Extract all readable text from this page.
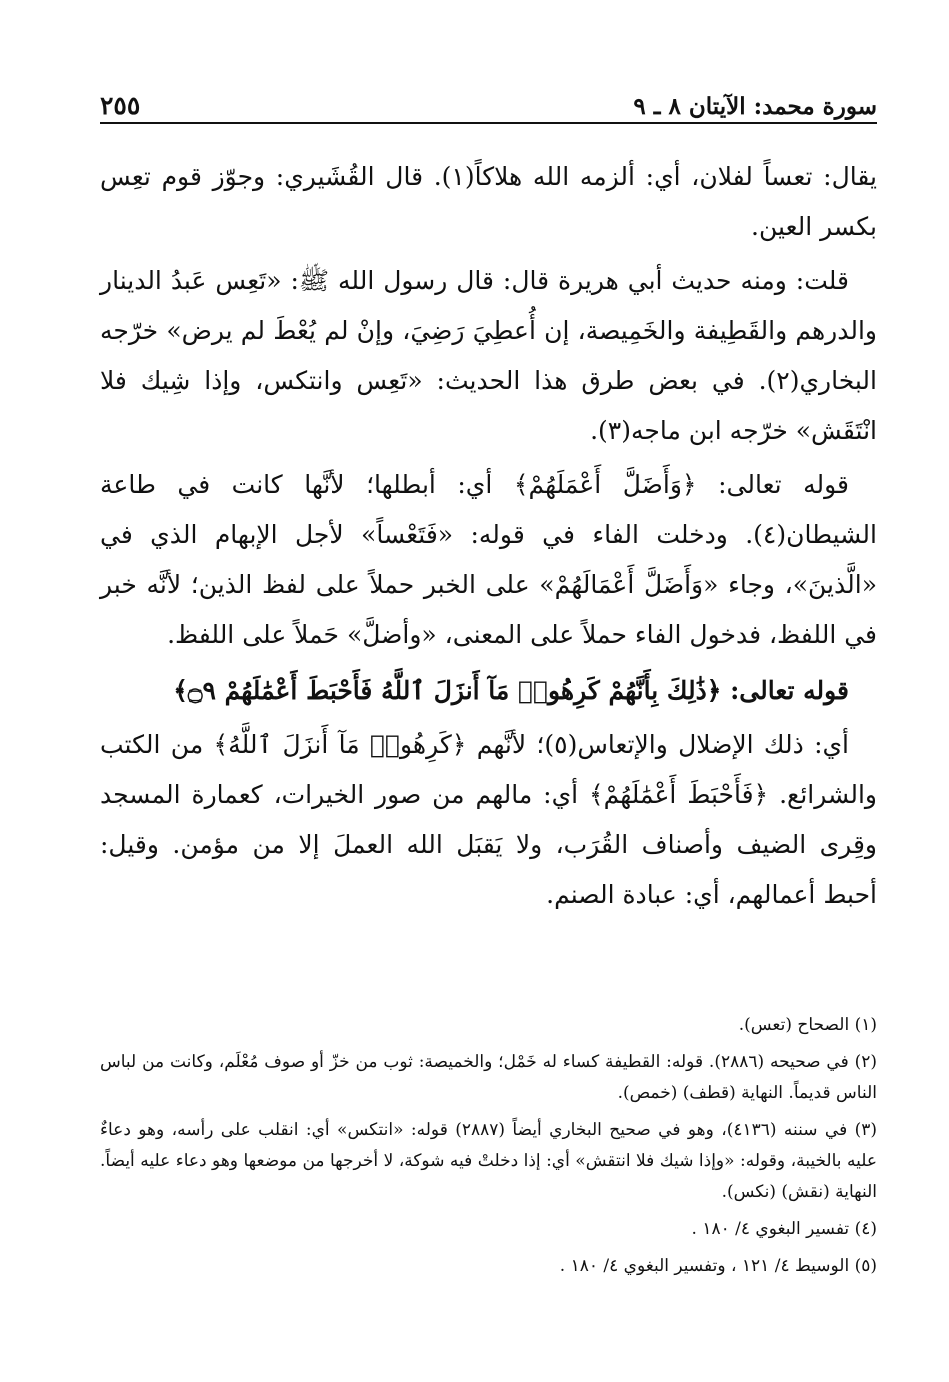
سورة محمد: الآيتان ٨ ـ ٩
٢٥٥

يقال: تعساً لفلان، أي: ألزمه الله هلاكاً(١). قال القُشَيري: وجوّز قوم تعِس بكسر العين.

قلت: ومنه حديث أبي هريرة قال: قال رسول الله ﷺ: «تَعِس عَبدُ الدينار والدرهم والقَطِيفة والخَمِيصة، إن أُعطِيَ رَضِيَ، وإنْ لم يُعْطَ لم يرض» خرّجه البخاري(٢). في بعض طرق هذا الحديث: «تَعِس وانتكس، وإذا شِيك فلا انْتَقَش» خرّجه ابن ماجه(٣).

قوله تعالى: ﴿وَأَضَلَّ أَعْمَلَهُمْ﴾ أي: أبطلها؛ لأنَّها كانت في طاعة الشيطان(٤). ودخلت الفاء في قوله: «فَتَعْساً» لأجل الإبهام الذي في «الَّذينَ»، وجاء «وَأَضَلَّ أَعْمَالَهُمْ» على الخبر حملاً على لفظ الذين؛ لأنَّه خبر في اللفظ، فدخول الفاء حملاً على المعنى، «وأضلَّ» حَملاً على اللفظ.

قوله تعالى: ﴿ذَٰلِكَ بِأَنَّهُمْ كَرِهُوا۟ مَآ أَنزَلَ ٱللَّهُ فَأَحْبَطَ أَعْمَٰلَهُمْ ۝٩﴾

أي: ذلك الإضلال والإتعاس(٥)؛ لأنَّهم ﴿كَرِهُوا۟ مَآ أَنزَلَ ٱللَّهُ﴾ من الكتب والشرائع. ﴿فَأَحْبَطَ أَعْمَٰلَهُمْ﴾ أي: مالهم من صور الخيرات، كعمارة المسجد وقِرى الضيف وأصناف القُرَب، ولا يَقبَل الله العملَ إلا من مؤمن. وقيل: أحبط أعمالهم، أي: عبادة الصنم.

(١) الصحاح (تعس).

(٢) في صحيحه (٢٨٨٦). قوله: القطيفة كساء له خَمْل؛ والخميصة: ثوب من خزّ أو صوف مُعْلَم، وكانت من لباس الناس قديماً. النهاية (قطف) (خمص).

(٣) في سننه (٤١٣٦)، وهو في صحيح البخاري أيضاً (٢٨٨٧) قوله: «انتكس» أي: انقلب على رأسه، وهو دعاءٌ عليه بالخيبة، وقوله: «وإذا شيك فلا انتقش» أي: إذا دخلتْ فيه شوكة، لا أخرجها من موضعها وهو دعاء عليه أيضاً. النهاية (نقش) (نكس).

(٤) تفسير البغوي ٤/ ١٨٠ .

(٥) الوسيط ٤/ ١٢١ ، وتفسير البغوي ٤/ ١٨٠ .
